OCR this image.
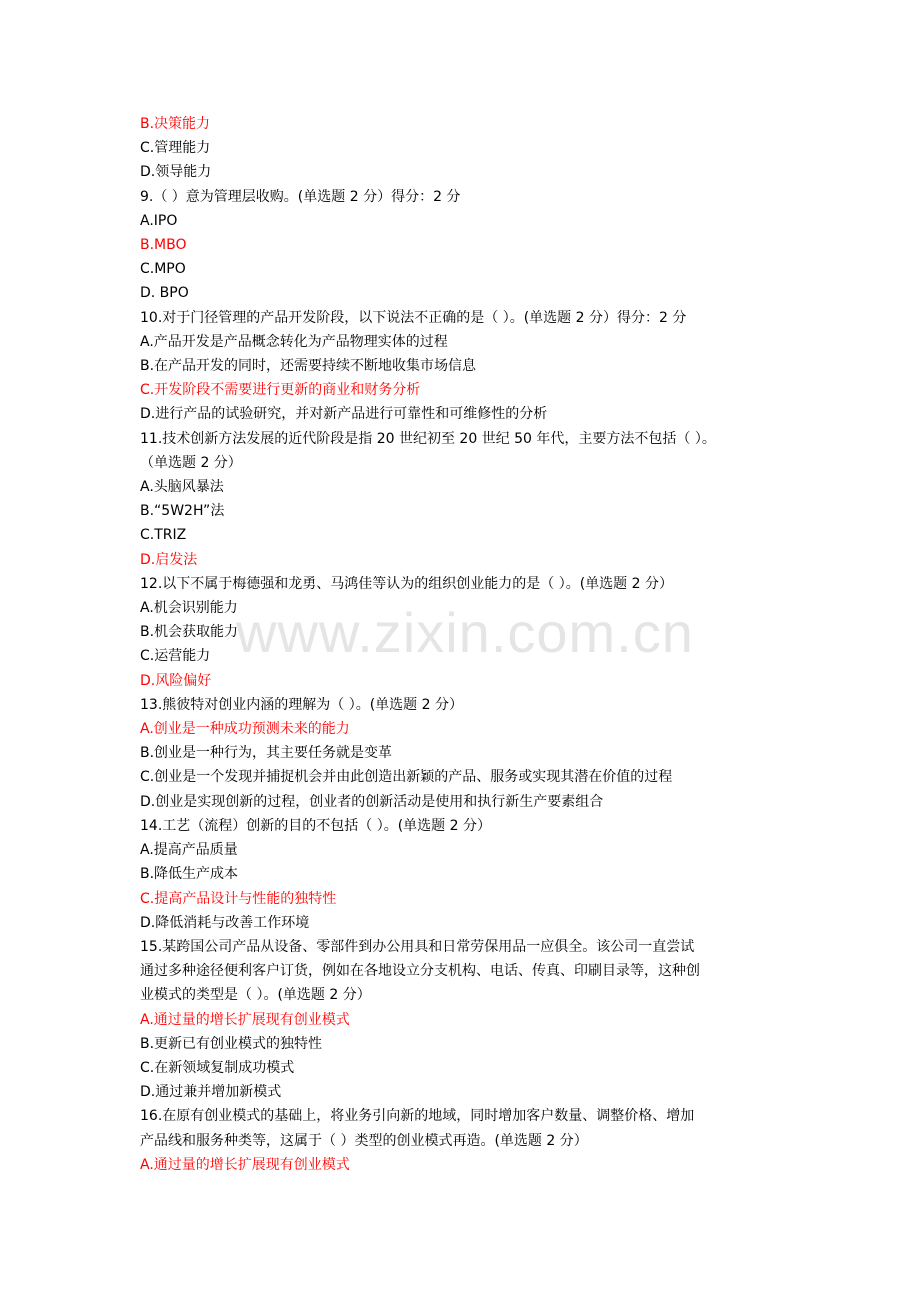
B.决策能力
C.管理能力
D.领导能力
9.（ ）意为管理层收购。(单选题 2 分）得分：2 分
A.IPO
B.MBO
C.MPO
D. BPO
10.对于门径管理的产品开发阶段，以下说法不正确的是（ ）。(单选题 2 分）得分：2 分
A.产品开发是产品概念转化为产品物理实体的过程
B.在产品开发的同时，还需要持续不断地收集市场信息
C.开发阶段不需要进行更新的商业和财务分析
D.进行产品的试验研究，并对新产品进行可靠性和可维修性的分析
11.技术创新方法发展的近代阶段是指 20 世纪初至 20 世纪 50 年代，主要方法不包括（ ）。
（单选题 2 分）
A.头脑风暴法
B.“5W2H”法
C.TRIZ
D.启发法
12.以下不属于梅德强和龙勇、马鸿佳等认为的组织创业能力的是（ ）。(单选题 2 分）
A.机会识别能力
B.机会获取能力
C.运营能力
D.风险偏好
13.熊彼特对创业内涵的理解为（ ）。(单选题 2 分）
A.创业是一种成功预测未来的能力
B.创业是一种行为，其主要任务就是变革
C.创业是一个发现并捕捉机会并由此创造出新颖的产品、服务或实现其潜在价值的过程
D.创业是实现创新的过程，创业者的创新活动是使用和执行新生产要素组合
14.工艺（流程）创新的目的不包括（ ）。(单选题 2 分）
A.提高产品质量
B.降低生产成本
C.提高产品设计与性能的独特性
D.降低消耗与改善工作环境
15.某跨国公司产品从设备、零部件到办公用具和日常劳保用品一应俱全。该公司一直尝试
通过多种途径便利客户订货，例如在各地设立分支机构、电话、传真、印刷目录等，这种创
业模式的类型是（ ）。(单选题 2 分）
A.通过量的增长扩展现有创业模式
B.更新已有创业模式的独特性
C.在新领域复制成功模式
D.通过兼并增加新模式
16.在原有创业模式的基础上，将业务引向新的地域，同时增加客户数量、调整价格、增加
产品线和服务种类等，这属于（ ）类型的创业模式再造。(单选题 2 分）
A.通过量的增长扩展现有创业模式
www.zixin.com.cn
